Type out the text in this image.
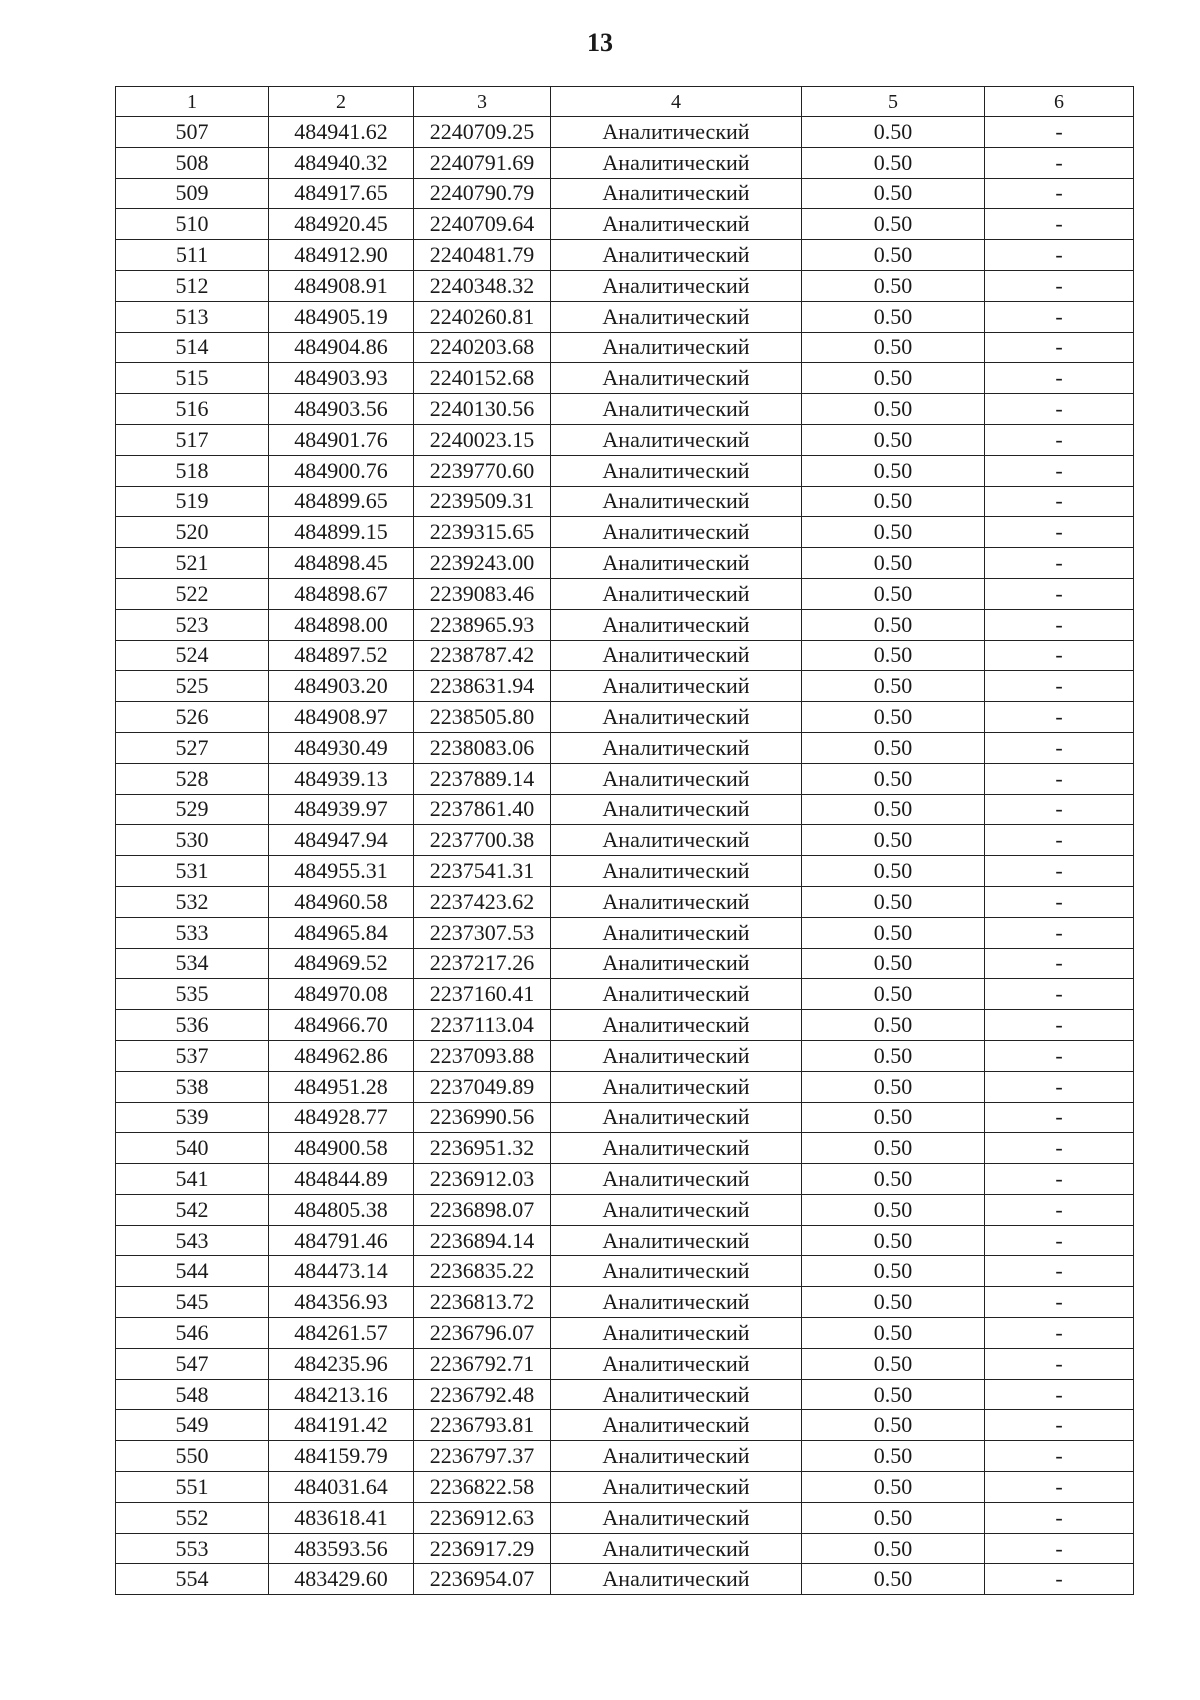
13
1	2	3	4	5	6
507	484941.62	2240709.25	Аналитический	0.50	-
508	484940.32	2240791.69	Аналитический	0.50	-
509	484917.65	2240790.79	Аналитический	0.50	-
510	484920.45	2240709.64	Аналитический	0.50	-
511	484912.90	2240481.79	Аналитический	0.50	-
512	484908.91	2240348.32	Аналитический	0.50	-
513	484905.19	2240260.81	Аналитический	0.50	-
514	484904.86	2240203.68	Аналитический	0.50	-
515	484903.93	2240152.68	Аналитический	0.50	-
516	484903.56	2240130.56	Аналитический	0.50	-
517	484901.76	2240023.15	Аналитический	0.50	-
518	484900.76	2239770.60	Аналитический	0.50	-
519	484899.65	2239509.31	Аналитический	0.50	-
520	484899.15	2239315.65	Аналитический	0.50	-
521	484898.45	2239243.00	Аналитический	0.50	-
522	484898.67	2239083.46	Аналитический	0.50	-
523	484898.00	2238965.93	Аналитический	0.50	-
524	484897.52	2238787.42	Аналитический	0.50	-
525	484903.20	2238631.94	Аналитический	0.50	-
526	484908.97	2238505.80	Аналитический	0.50	-
527	484930.49	2238083.06	Аналитический	0.50	-
528	484939.13	2237889.14	Аналитический	0.50	-
529	484939.97	2237861.40	Аналитический	0.50	-
530	484947.94	2237700.38	Аналитический	0.50	-
531	484955.31	2237541.31	Аналитический	0.50	-
532	484960.58	2237423.62	Аналитический	0.50	-
533	484965.84	2237307.53	Аналитический	0.50	-
534	484969.52	2237217.26	Аналитический	0.50	-
535	484970.08	2237160.41	Аналитический	0.50	-
536	484966.70	2237113.04	Аналитический	0.50	-
537	484962.86	2237093.88	Аналитический	0.50	-
538	484951.28	2237049.89	Аналитический	0.50	-
539	484928.77	2236990.56	Аналитический	0.50	-
540	484900.58	2236951.32	Аналитический	0.50	-
541	484844.89	2236912.03	Аналитический	0.50	-
542	484805.38	2236898.07	Аналитический	0.50	-
543	484791.46	2236894.14	Аналитический	0.50	-
544	484473.14	2236835.22	Аналитический	0.50	-
545	484356.93	2236813.72	Аналитический	0.50	-
546	484261.57	2236796.07	Аналитический	0.50	-
547	484235.96	2236792.71	Аналитический	0.50	-
548	484213.16	2236792.48	Аналитический	0.50	-
549	484191.42	2236793.81	Аналитический	0.50	-
550	484159.79	2236797.37	Аналитический	0.50	-
551	484031.64	2236822.58	Аналитический	0.50	-
552	483618.41	2236912.63	Аналитический	0.50	-
553	483593.56	2236917.29	Аналитический	0.50	-
554	483429.60	2236954.07	Аналитический	0.50	-
